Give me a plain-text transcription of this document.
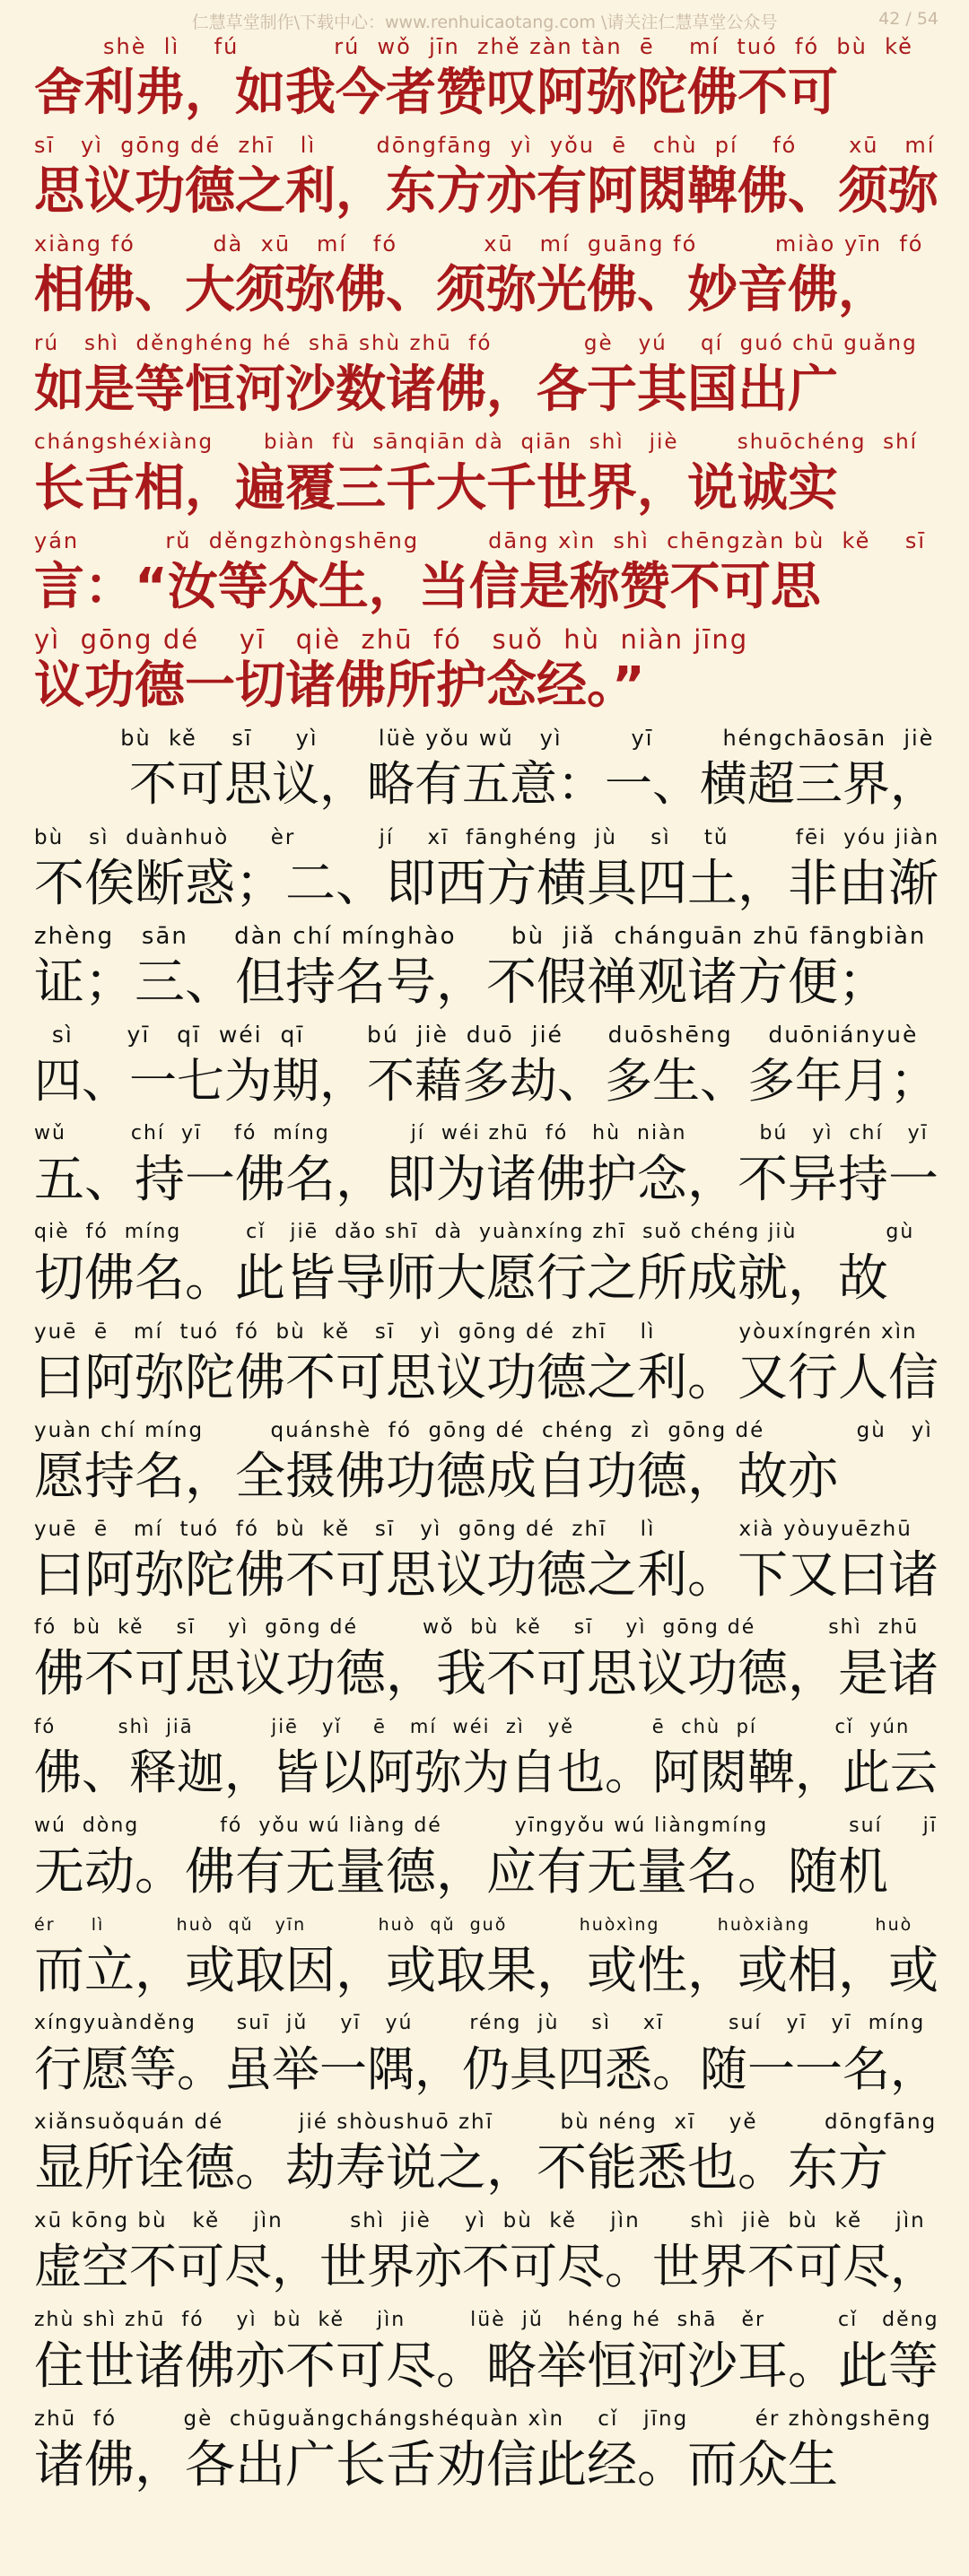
仁慧草堂制作\下载中心：www.renhuicaotang.com \请关注仁慧草堂公众号	42 / 54
shè  lì    fú           rú  wǒ  jīn  zhě zàn tàn  ē    mí  tuó  fó  bù  kě
舍利弗，如我今者赞叹阿弥陀佛不可
sī   yì  gōng dé  zhī   lì       dōngfāng  yì  yǒu  ē   chù  pí    fó      xū   mí
思议功德之利，东方亦有阿閦鞞佛、须弥
xiàng fó         dà  xū   mí   fó          xū   mí  guāng fó         miào yīn  fó
相佛、大须弥佛、须弥光佛、妙音佛，
rú   shì  děnghéng hé  shā shù zhū  fó           gè   yú    qí  guó chū guǎng
如是等恒河沙数诸佛，各于其国出广
chángshéxiàng      biàn  fù  sānqiān dà  qiān  shì   jiè       shuōchéng  shí
长舌相，遍覆三千大千世界，说诚实
yán          rǔ  děngzhòngshēng        dāng xìn  shì  chēngzàn bù  kě    sī
言：“汝等众生，当信是称赞不可思
yì  gōng dé    yī   qiè  zhū  fó   suǒ  hù  niàn jīng
议功德一切诸佛所护念经。”
bù  kě    sī     yì       lüè yǒu wǔ   yì        yī        héngchāosān  jiè
　　不可思议，略有五意：一、横超三界，
bù   sì  duànhuò     èr          jí    xī  fānghéng  jù    sì    tǔ        fēi  yóu jiàn
不俟断惑；二、即西方横具四土，非由渐
zhèng   sān     dàn chí mínghào      bù  jiǎ  chánguān zhū fāngbiàn
证；三、但持名号，不假禅观诸方便；
sì      yī   qī  wéi  qī       bú  jiè  duō  jié     duōshēng    duōniányuè
四、一七为期，不藉多劫、多生、多年月；
wǔ        chí  yī    fó  míng          jí  wéi zhū  fó   hù  niàn         bú   yì  chí   yī
五、持一佛名，即为诸佛护念，不异持一
qiè  fó  míng        cǐ   jiē  dǎo shī  dà  yuànxíng zhī  suǒ chéng jiù           gù
切佛名。此皆导师大愿行之所成就，故
yuē  ē   mí  tuó  fó  bù  kě   sī   yì  gōng dé  zhī    lì          yòuxíngrén xìn
曰阿弥陀佛不可思议功德之利。又行人信
yuàn chí míng        quánshè  fó  gōng dé  chéng  zì  gōng dé           gù   yì
愿持名，全摄佛功德成自功德，故亦
yuē  ē   mí  tuó  fó  bù  kě   sī   yì  gōng dé  zhī    lì          xià yòuyuēzhū
曰阿弥陀佛不可思议功德之利。下又曰诸
fó  bù  kě    sī    yì  gōng dé        wǒ  bù  kě    sī    yì  gōng dé         shì  zhū
佛不可思议功德，我不可思议功德，是诸
fó        shì  jiā          jiē   yǐ    ē   mí  wéi  zì   yě          ē  chù  pí          cǐ  yún
佛、释迦，皆以阿弥为自也。阿閦鞞，此云
wú  dòng          fó  yǒu wú liàng dé         yīngyǒu wú liàngmíng          suí     jī
无动。佛有无量德，应有无量名。随机
ér     lì          huò  qǔ   yīn          huò  qǔ  guǒ          huòxìng        huòxiàng         huò
而立，或取因，或取果，或性，或相，或
xíngyuànděng     suī  jǔ    yī   yú       réng  jù    sì    xī        suí   yī   yī  míng
行愿等。虽举一隅，仍具四悉。随一一名，
xiǎnsuǒquán dé         jié shòushuō zhī        bù néng  xī    yě        dōngfāng
显所诠德。劫寿说之，不能悉也。东方
xū kōng bù   kě    jìn        shì  jiè    yì  bù  kě    jìn      shì  jiè  bù  kě    jìn
虚空不可尽，世界亦不可尽。世界不可尽，
zhù shì zhū  fó    yì  bù  kě    jìn        lüè  jǔ   héng hé  shā   ěr         cǐ   děng
住世诸佛亦不可尽。略举恒河沙耳。此等
zhū  fó        gè  chūguǎngchángshéquàn xìn    cǐ   jīng        ér zhòngshēng
诸佛，各出广长舌劝信此经。而众生
